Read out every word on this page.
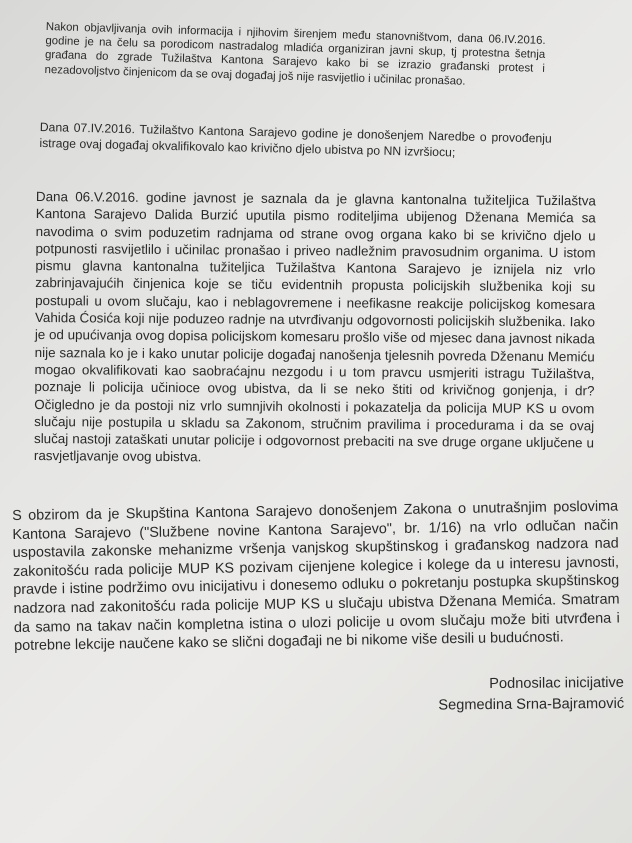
Nakon objavljivanja ovih informacija i njihovim širenjem među stanovništvom, dana 06.IV.2016. godine je na čelu sa porodicom nastradalog mladića organiziran javni skup, tj protestna šetnja građana do zgrade Tužilaštva Kantona Sarajevo kako bi se izrazio građanski protest i nezadovoljstvo činjenicom da se ovaj događaj još nije rasvijetlio i učinilac pronašao.

Dana 07.IV.2016. Tužilaštvo Kantona Sarajevo godine je donošenjem Naredbe o provođenju istrage ovaj događaj okvalifikovalo kao krivično djelo ubistva po NN izvršiocu;

Dana 06.V.2016. godine javnost je saznala da je glavna kantonalna tužiteljica Tužilaštva Kantona Sarajevo Dalida Burzić uputila pismo roditeljima ubijenog Dženana Memića sa navodima o svim poduzetim radnjama od strane ovog organa kako bi se krivično djelo u potpunosti rasvijetlilo i učinilac pronašao i priveo nadležnim pravosudnim organima. U istom pismu glavna kantonalna tužiteljica Tužilaštva Kantona Sarajevo je iznijela niz vrlo zabrinjavajućih činjenica koje se tiču evidentnih propusta policijskih službenika koji su postupali u ovom slučaju, kao i neblagovremene i neefikasne reakcije policijskog komesara Vahida Ćosića koji nije poduzeo radnje na utvrđivanju odgovornosti policijskih službenika. Iako je od upućivanja ovog dopisa policijskom komesaru prošlo više od mjesec dana javnost nikada nije saznala ko je i kako unutar policije događaj nanošenja tjelesnih povreda Dženanu Memiću mogao okvalifikovati kao saobraćajnu nezgodu i u tom pravcu usmjeriti istragu Tužilaštva, poznaje li policija učinioce ovog ubistva, da li se neko štiti od krivičnog gonjenja, i dr? Očigledno je da postoji niz vrlo sumnjivih okolnosti i pokazatelja da policija MUP KS u ovom slučaju nije postupila u skladu sa Zakonom, stručnim pravilima i procedurama i da se ovaj slučaj nastoji zataškati unutar policije i odgovornost prebaciti na sve druge organe uključene u rasvjetljavanje ovog ubistva.

S obzirom da je Skupština Kantona Sarajevo donošenjem Zakona o unutrašnjim poslovima Kantona Sarajevo ("Službene novine Kantona Sarajevo", br. 1/16) na vrlo odlučan način uspostavila zakonske mehanizme vršenja vanjskog skupštinskog i građanskog nadzora nad zakonitošću rada policije MUP KS pozivam cijenjene kolegice i kolege da u interesu javnosti, pravde i istine podržimo ovu inicijativu i donesemo odluku o pokretanju postupka skupštinskog nadzora nad zakonitošću rada policije MUP KS u slučaju ubistva Dženana Memića. Smatram da samo na takav način kompletna istina o ulozi policije u ovom slučaju može biti utvrđena i potrebne lekcije naučene kako se slični događaji ne bi nikome više desili u budućnosti.

Podnosilac inicijative
Segmedina Srna-Bajramović
